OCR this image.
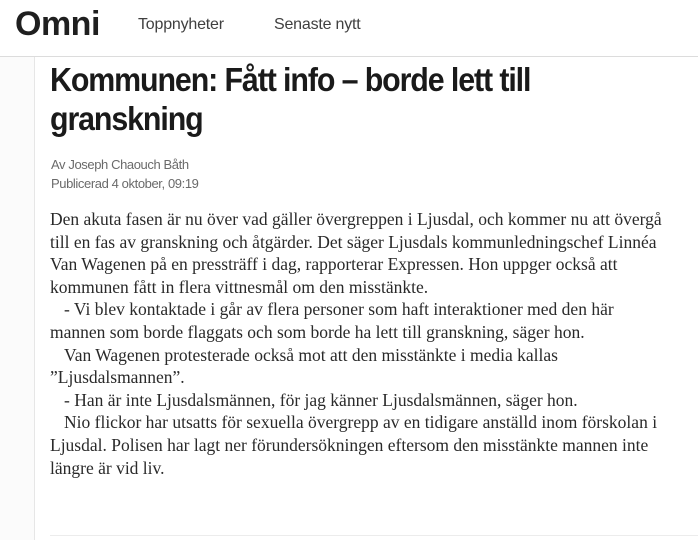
Omni Toppnyheter	Senaste nytt
Kommunen: Fått info – borde lett till granskning
Av Joseph Chaouch Båth
Publicerad 4 oktober, 09:19

Den akuta fasen är nu över vad gäller övergreppen i Ljusdal, och kommer nu att övergå till en fas av granskning och åtgärder. Det säger Ljusdals kommunledningschef Linnéa Van Wagenen på en pressträff i dag, rapporterar Expressen. Hon uppger också att kommunen fått in flera vittnesmål om den misstänkte.

- Vi blev kontaktade i går av flera personer som haft interaktioner med den här mannen som borde flaggats och som borde ha lett till granskning, säger hon.

Van Wagenen protesterade också mot att den misstänkte i media kallas ”Ljusdalsmannen”.

- Han är inte Ljusdalsmännen, för jag känner Ljusdalsmännen, säger hon.

Nio flickor har utsatts för sexuella övergrepp av en tidigare anställd inom förskolan i Ljusdal. Polisen har lagt ner förundersökningen eftersom den misstänkte mannen inte längre är vid liv.
